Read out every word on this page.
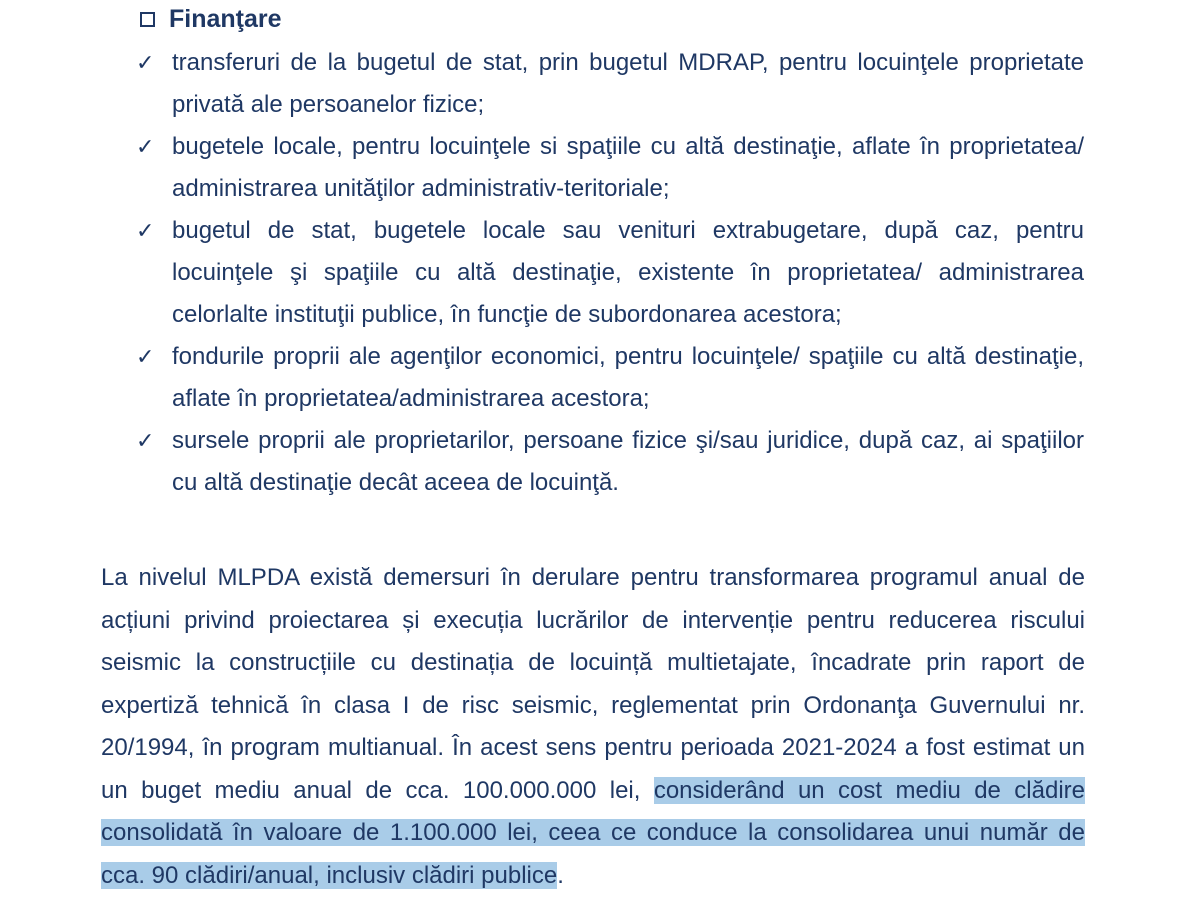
Finanţare
✓ transferuri de la bugetul de stat, prin bugetul MDRAP, pentru locuinţele proprietate privată ale persoanelor fizice;
✓ bugetele locale, pentru locuinţele si spaţiile cu altă destinaţie, aflate în proprietatea/ administrarea unităţilor administrativ-teritoriale;
✓ bugetul de stat, bugetele locale sau venituri extrabugetare, după caz, pentru locuinţele şi spaţiile cu altă destinaţie, existente în proprietatea/ administrarea celorlalte instituţii publice, în funcţie de subordonarea acestora;
✓ fondurile proprii ale agenţilor economici, pentru locuinţele/ spaţiile cu altă destinaţie, aflate în proprietatea/administrarea acestora;
✓ sursele proprii ale proprietarilor, persoane fizice şi/sau juridice, după caz, ai spaţiilor cu altă destinaţie decât aceea de locuinţă.
La nivelul MLPDA există demersuri în derulare pentru transformarea programul anual de acțiuni privind proiectarea și execuția lucrărilor de intervenție pentru reducerea riscului seismic la construcțiile cu destinația de locuință multietajate, încadrate prin raport de expertiză tehnică în clasa I de risc seismic, reglementat prin Ordonanţa Guvernului nr. 20/1994, în program multianual. În acest sens pentru perioada 2021-2024 a fost estimat un un buget mediu anual de cca. 100.000.000 lei, considerând un cost mediu de clădire consolidată în valoare de 1.100.000 lei, ceea ce conduce la consolidarea unui număr de cca. 90 clădiri/anual, inclusiv clădiri publice.
